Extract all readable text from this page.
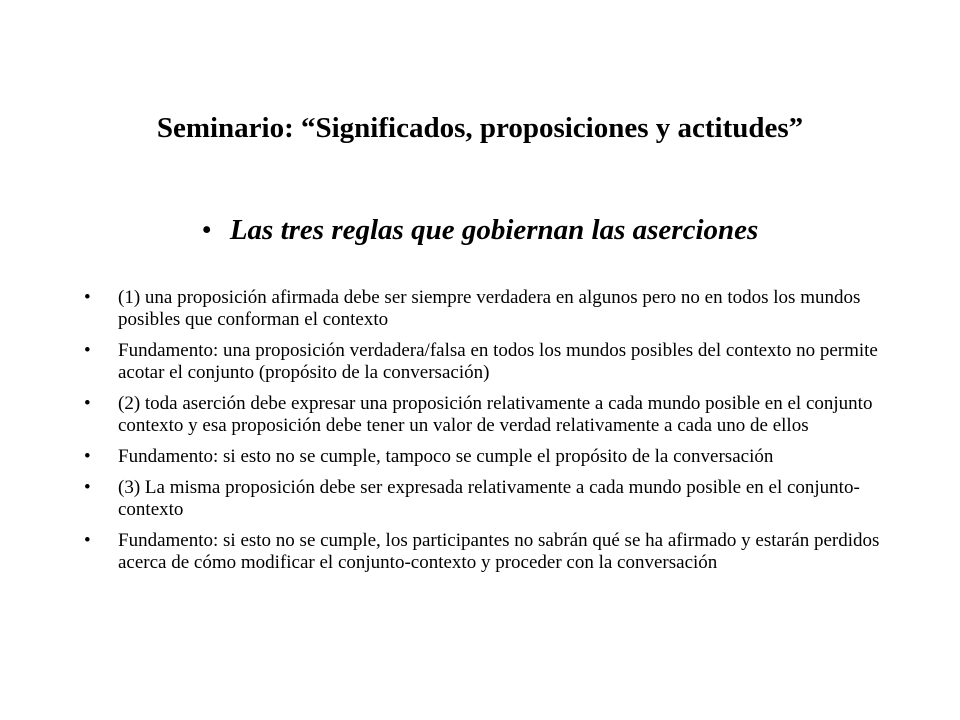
Seminario: “Significados, proposiciones y actitudes”
• Las tres reglas que gobiernan las aserciones
• (1) una proposición afirmada debe ser siempre verdadera en algunos pero no en todos los mundos posibles que conforman el contexto
• Fundamento: una proposición verdadera/falsa en todos los mundos posibles del contexto no permite acotar el conjunto (propósito de la conversación)
• (2) toda aserción debe expresar una proposición relativamente a cada mundo posible en el conjunto contexto y esa proposición debe tener un valor de verdad relativamente a cada uno de ellos
• Fundamento: si esto no se cumple, tampoco se cumple el propósito de la conversación
• (3) La misma proposición debe ser expresada relativamente a cada mundo posible en el conjunto-contexto
• Fundamento: si esto no se cumple, los participantes no sabrán qué se ha afirmado y estarán perdidos acerca de cómo modificar el conjunto-contexto y proceder con la conversación
